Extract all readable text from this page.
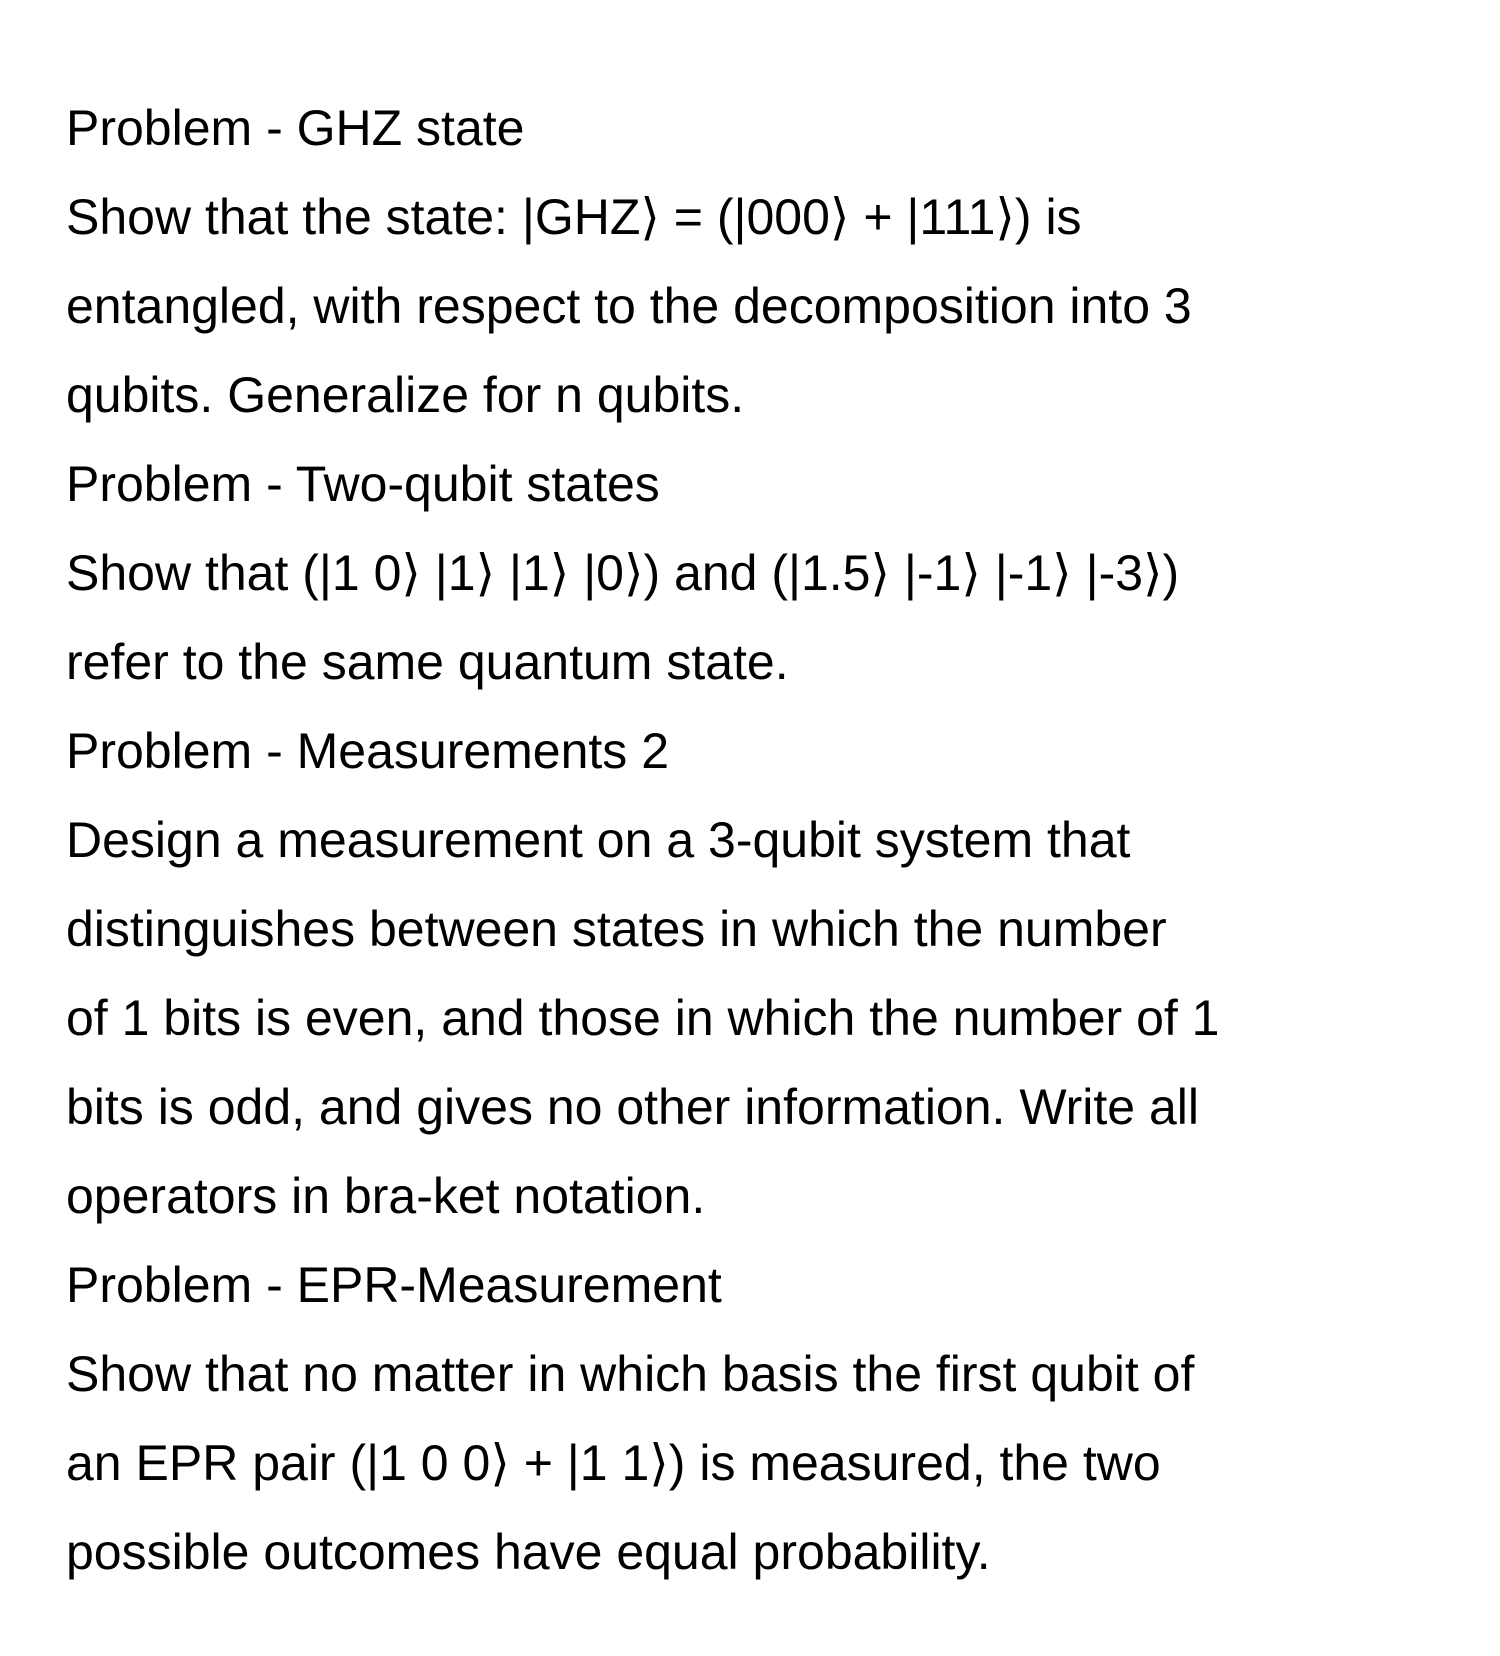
Problem - GHZ state
Show that the state: |GHZ⟩ = (|000⟩ + |111⟩) is
entangled, with respect to the decomposition into 3
qubits. Generalize for n qubits.
Problem - Two-qubit states
Show that (|1 0⟩ |1⟩ |1⟩ |0⟩) and (|1.5⟩ |-1⟩ |-1⟩ |-3⟩)
refer to the same quantum state.
Problem - Measurements 2
Design a measurement on a 3-qubit system that
distinguishes between states in which the number
of 1 bits is even, and those in which the number of 1
bits is odd, and gives no other information. Write all
operators in bra-ket notation.
Problem - EPR-Measurement
Show that no matter in which basis the first qubit of
an EPR pair (|1 0 0⟩ + |1 1⟩) is measured, the two
possible outcomes have equal probability.
